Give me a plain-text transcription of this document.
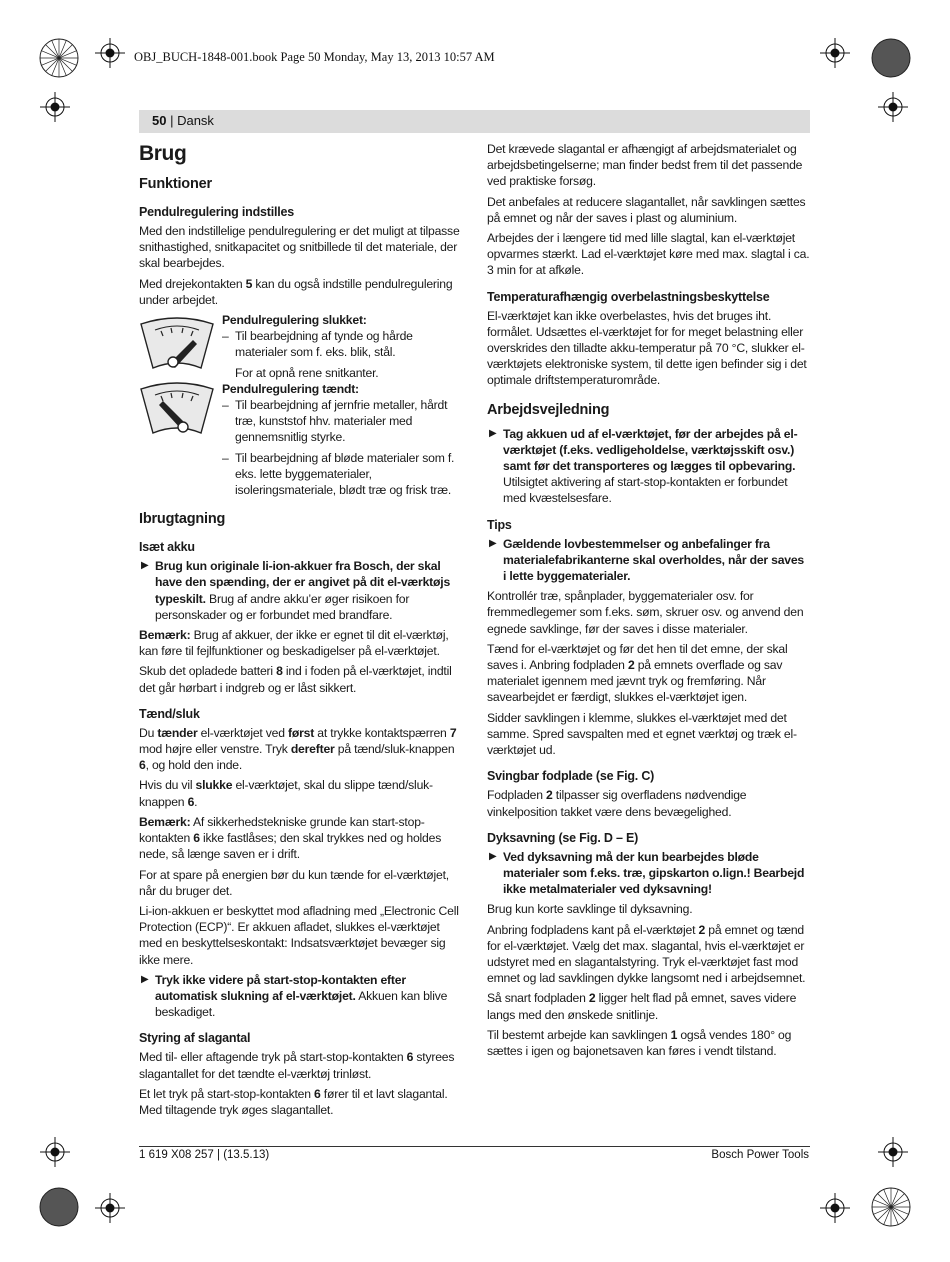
OBJ_BUCH-1848-001.book Page 50 Monday, May 13, 2013 10:57 AM
50 | Dansk
Brug
Funktioner
Pendulregulering indstilles

Med den indstillelige pendulregulering er det muligt at tilpasse snithastighed, snitkapacitet og snitbillede til det materiale, der skal bearbejdes.

Med drejekontakten 5 kan du også indstille pendulregulering under arbejdet.

Pendulregulering slukket:

– Til bearbejdning af tynde og hårde materialer som f. eks. blik, stål.

For at opnå rene snitkanter.

Pendulregulering tændt:

– Til bearbejdning af jernfrie metaller, hårdt træ, kunststof hhv. materialer med gennemsnitlig styrke.

– Til bearbejdning af bløde materialer som f. eks. lette byggematerialer, isoleringsmateriale, blødt træ og frisk træ.

Ibrugtagning
Isæt akku

▶ Brug kun originale li-ion-akkuer fra Bosch, der skal have den spænding, der er angivet på dit el-værktøjs typeskilt. Brug af andre akku’er øger risikoen for personskader og er forbundet med brandfare.

Bemærk: Brug af akkuer, der ikke er egnet til dit el-værktøj, kan føre til fejlfunktioner og beskadigelser på el-værktøjet.

Skub det opladede batteri 8 ind i foden på el-værktøjet, indtil det går hørbart i indgreb og er låst sikkert.

Tænd/sluk

Du tænder el-værktøjet ved først at trykke kontaktspærren 7 mod højre eller venstre. Tryk derefter på tænd/sluk-knappen 6, og hold den inde.

Hvis du vil slukke el-værktøjet, skal du slippe tænd/sluk-knappen 6.

Bemærk: Af sikkerhedstekniske grunde kan start-stop-kontakten 6 ikke fastlåses; den skal trykkes ned og holdes nede, så længe saven er i drift.

For at spare på energien bør du kun tænde for el-værktøjet, når du bruger det.

Li-ion-akkuen er beskyttet mod afladning med „Electronic Cell Protection (ECP)“. Er akkuen afladet, slukkes el-værktøjet med en beskyttelseskontakt: Indsatsværktøjet bevæger sig ikke mere.

▶ Tryk ikke videre på start-stop-kontakten efter automatisk slukning af el-værktøjet. Akkuen kan blive beskadiget.

Styring af slagantal

Med til- eller aftagende tryk på start-stop-kontakten 6 styrees slagantallet for det tændte el-værktøj trinløst.

Et let tryk på start-stop-kontakten 6 fører til et lavt slagantal. Med tiltagende tryk øges slagantallet.

Det krævede slagantal er afhængigt af arbejdsmaterialet og arbejdsbetingelserne; man finder bedst frem til det passende ved praktiske forsøg.

Det anbefales at reducere slagantallet, når savklingen sættes på emnet og når der saves i plast og aluminium.

Arbejdes der i længere tid med lille slagtal, kan el-værktøjet opvarmes stærkt. Lad el-værktøjet køre med max. slagtal i ca. 3 min for at afkøle.

Temperaturafhængig overbelastningsbeskyttelse

El-værktøjet kan ikke overbelastes, hvis det bruges iht. formålet. Udsættes el-værktøjet for for meget belastning eller overskrides den tilladte akku-temperatur på 70 °C, slukker el-værktøjets elektroniske system, til dette igen befinder sig i det optimale driftstemperaturområde.

Arbejdsvejledning

▶ Tag akkuen ud af el-værktøjet, før der arbejdes på el-værktøjet (f.eks. vedligeholdelse, værktøjsskift osv.) samt før det transporteres og lægges til opbevaring. Utilsigtet aktivering af start-stop-kontakten er forbundet med kvæstelsesfare.

Tips

▶ Gældende lovbestemmelser og anbefalinger fra materialefabrikanterne skal overholdes, når der saves i lette byggematerialer.

Kontrollér træ, spånplader, byggematerialer osv. for fremmedlegemer som f.eks. søm, skruer osv. og anvend den egnede savklinge, før der saves i disse materialer.

Tænd for el-værktøjet og før det hen til det emne, der skal saves i. Anbring fodpladen 2 på emnets overflade og sav materialet igennem med jævnt tryk og fremføring. Når savearbejdet er færdigt, slukkes el-værktøjet igen.

Sidder savklingen i klemme, slukkes el-værktøjet med det samme. Spred savspalten med et egnet værktøj og træk el-værktøjet ud.

Svingbar fodplade (se Fig. C)

Fodpladen 2 tilpasser sig overfladens nødvendige vinkelposition takket være dens bevægelighed.

Dyksavning (se Fig. D – E)

▶ Ved dyksavning må der kun bearbejdes bløde materialer som f.eks. træ, gipskarton o.lign.! Bearbejd ikke metalmaterialer ved dyksavning!

Brug kun korte savklinge til dyksavning.

Anbring fodpladens kant på el-værktøjet 2 på emnet og tænd for el-værktøjet. Vælg det max. slagantal, hvis el-værktøjet er udstyret med en slagantalstyring. Tryk el-værktøjet fast mod emnet og lad savklingen dykke langsomt ned i arbejdsemnet.

Så snart fodpladen 2 ligger helt flad på emnet, saves videre langs med den ønskede snitlinje.

Til bestemt arbejde kan savklingen 1 også vendes 180° og sættes i igen og bajonetsaven kan føres i vendt tilstand.

1 619 X08 257 | (13.5.13)	Bosch Power Tools
